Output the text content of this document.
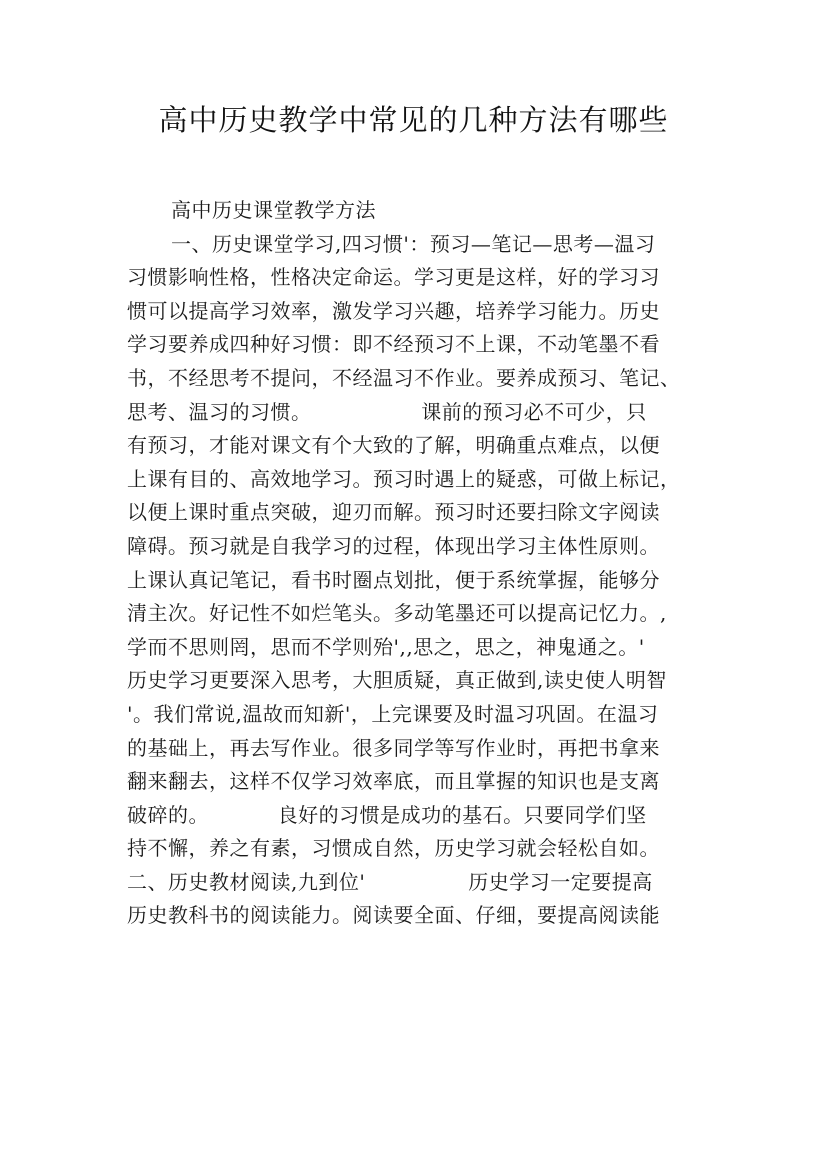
高中历史教学中常见的几种方法有哪些
高中历史课堂教学方法
一、历史课堂学习,四习惯'：预习—笔记—思考—温习
习惯影响性格，性格决定命运。学习更是这样，好的学习习
惯可以提高学习效率，激发学习兴趣，培养学习能力。历史
学习要养成四种好习惯：即不经预习不上课，不动笔墨不看
书，不经思考不提问，不经温习不作业。要养成预习、笔记、
思考、温习的习惯。                课前的预习必不可少，只
有预习，才能对课文有个大致的了解，明确重点难点，以便
上课有目的、高效地学习。预习时遇上的疑惑，可做上标记，
以便上课时重点突破，迎刃而解。预习时还要扫除文字阅读
障碍。预习就是自我学习的过程，体现出学习主体性原则。
上课认真记笔记，看书时圈点划批，便于系统掌握，能够分
清主次。好记性不如烂笔头。多动笔墨还可以提高记忆力。,
学而不思则罔，思而不学则殆',,思之，思之，神鬼通之。'
历史学习更要深入思考，大胆质疑，真正做到,读史使人明智
'。我们常说,温故而知新'，上完课要及时温习巩固。在温习
的基础上，再去写作业。很多同学等写作业时，再把书拿来
翻来翻去，这样不仅学习效率底，而且掌握的知识也是支离
破碎的。          良好的习惯是成功的基石。只要同学们坚
持不懈，养之有素，习惯成自然，历史学习就会轻松自如。
二、历史教材阅读,九到位'               历史学习一定要提高
历史教科书的阅读能力。阅读要全面、仔细，要提高阅读能
